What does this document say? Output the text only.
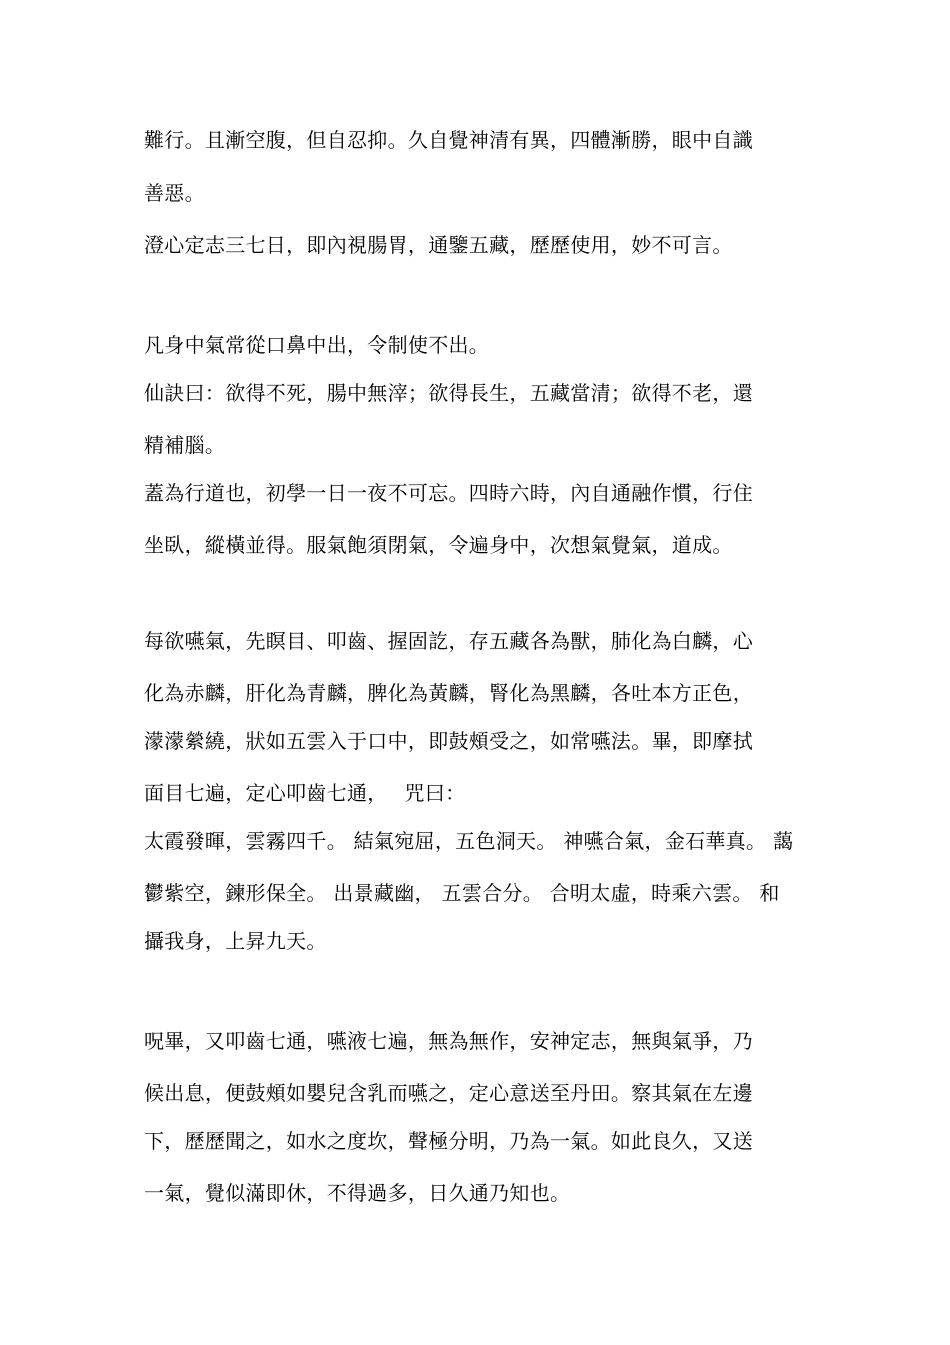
難行。且漸空腹，但自忍抑。久自覺神清有異，四體漸勝，眼中自識
善惡。
澄心定志三七日，即內視腸胃，通鑒五藏，歷歷使用，妙不可言。
凡身中氣常從口鼻中出，令制使不出。
仙訣曰：欲得不死，腸中無滓；欲得長生，五藏當清；欲得不老，還
精補腦。
蓋為行道也，初學一日一夜不可忘。四時六時，內自通融作慣，行住
坐臥，縱橫並得。服氣飽須閉氣，令遍身中，次想氣覺氣，道成。
每欲嚥氣，先瞑目、叩齒、握固訖，存五藏各為獸，肺化為白麟，心
化為赤麟，肝化為青麟，脾化為黃麟，腎化為黑麟，各吐本方正色，
濛濛縈繞，狀如五雲入于口中，即鼓頰受之，如常嚥法。畢，即摩拭
面目七遍，定心叩齒七通，　 咒曰：
太霞發暉，雲霧四千。 結氣宛屈，五色洞天。 神嚥合氣，金石華真。 藹
鬱紫空，鍊形保全。 出景藏幽， 五雲合分。 合明太虛，時乘六雲。 和
攝我身，上昇九天。
呪畢，又叩齒七通，嚥液七遍，無為無作，安神定志，無與氣爭，乃
候出息，便鼓頰如嬰兒含乳而嚥之，定心意送至丹田。察其氣在左邊
下，歷歷聞之，如水之度坎，聲極分明，乃為一氣。如此良久，又送
一氣，覺似滿即休，不得過多，日久通乃知也。
